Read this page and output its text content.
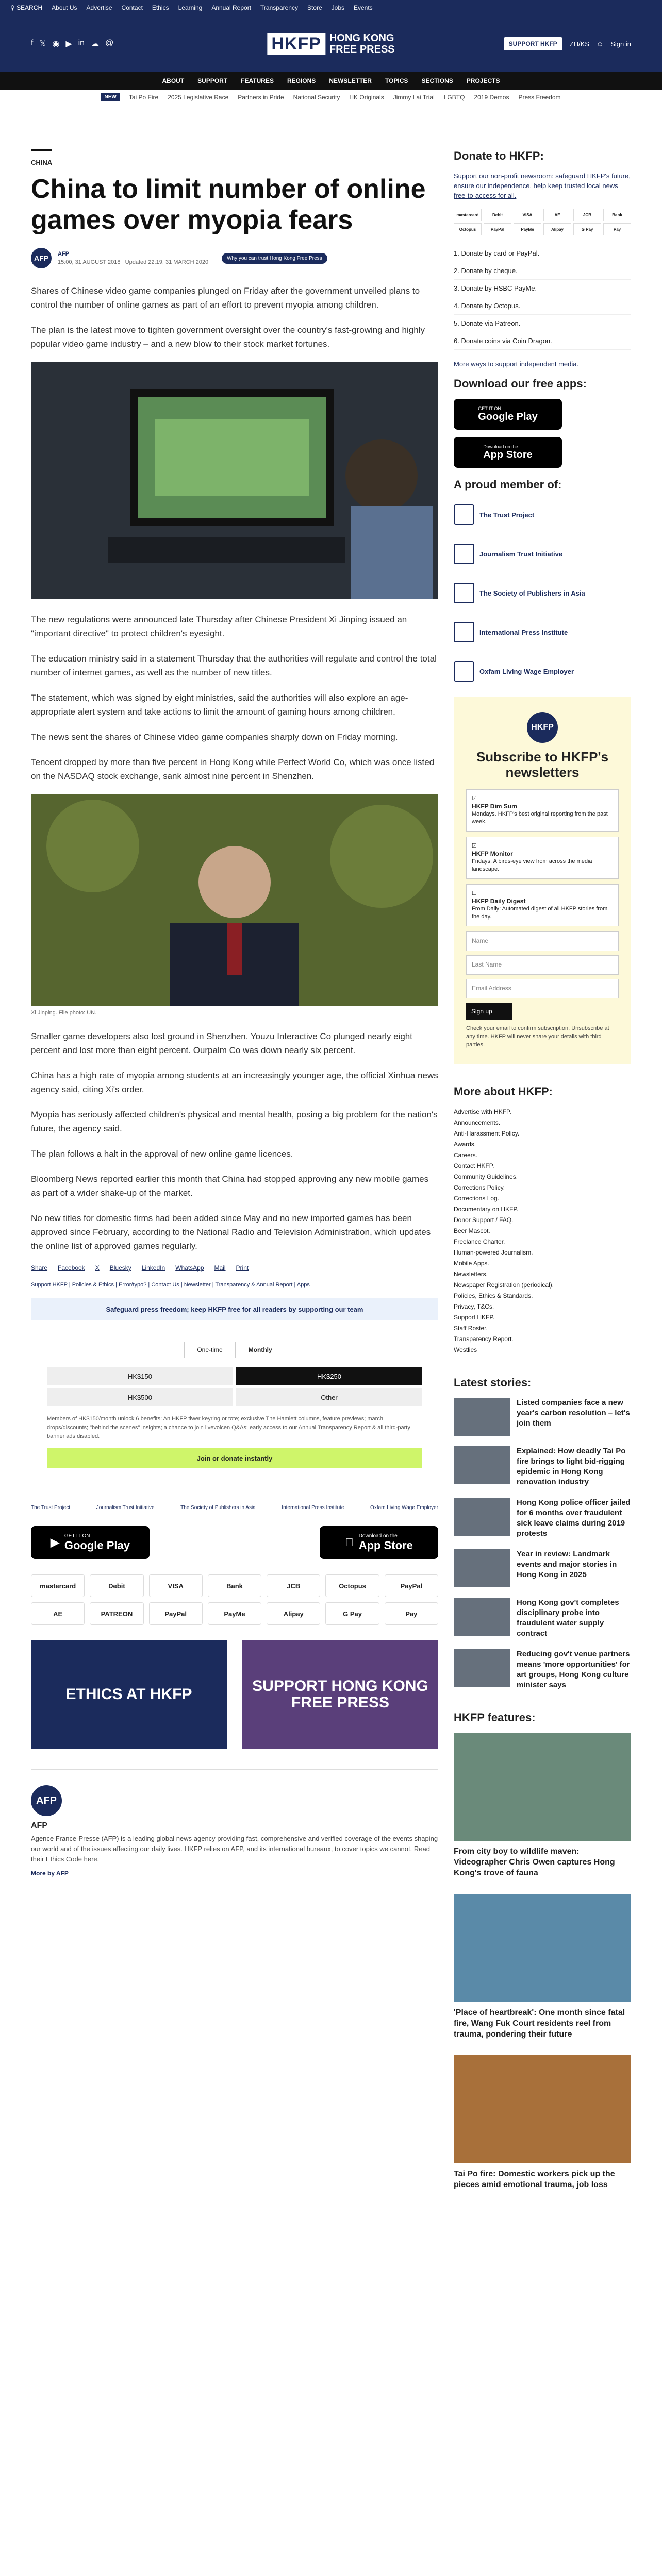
⚲ SEARCH About Us Advertise Contact Ethics Learning Annual Report Transparency Store Jobs Events
f 𝕏 ◉ ▶ in ☁ @	HKFP HONG KONG
FREE PRESS	SUPPORT HKFP	ZH/KS ☺ Sign in
ABOUT SUPPORT FEATURES REGIONS NEWSLETTER TOPICS SECTIONS PROJECTS
NEW	Tai Po Fire 2025 Legislative Race Partners in Pride National Security HK Originals Jimmy Lai Trial LGBTQ 2019 Demos Press Freedom
CHINA
China to limit number of online games over myopia fears
AFP	AFP
15:00, 31 AUGUST 2018 Updated 22:19, 31 MARCH 2020
Why you can trust Hong Kong Free Press

Shares of Chinese video game companies plunged on Friday after the government unveiled plans to control the number of online games as part of an effort to prevent myopia among children.

The plan is the latest move to tighten government oversight over the country's fast-growing and highly popular video game industry – and a new blow to their stock market fortunes.

The new regulations were announced late Thursday after Chinese President Xi Jinping issued an "important directive" to protect children's eyesight.

The education ministry said in a statement Thursday that the authorities will regulate and control the total number of internet games, as well as the number of new titles.

The statement, which was signed by eight ministries, said the authorities will also explore an age-appropriate alert system and take actions to limit the amount of gaming hours among children.

The news sent the shares of Chinese video game companies sharply down on Friday morning.

Tencent dropped by more than five percent in Hong Kong while Perfect World Co, which was once listed on the NASDAQ stock exchange, sank almost nine percent in Shenzhen.

Xi Jinping. File photo: UN.

Smaller game developers also lost ground in Shenzhen. Youzu Interactive Co plunged nearly eight percent and lost more than eight percent. Ourpalm Co was down nearly six percent.

China has a high rate of myopia among students at an increasingly younger age, the official Xinhua news agency said, citing Xi's order.

Myopia has seriously affected children's physical and mental health, posing a big problem for the nation's future, the agency said.

The plan follows a halt in the approval of new online game licences.

Bloomberg News reported earlier this month that China had stopped approving any new mobile games as part of a wider shake-up of the market.

No new titles for domestic firms had been added since May and no new imported games has been approved since February, according to the National Radio and Television Administration, which updates the online list of approved games regularly.

Share Facebook X Bluesky LinkedIn WhatsApp Mail Print
Support HKFP | Policies & Ethics | Error/typo? | Contact Us | Newsletter | Transparency & Annual Report | Apps
Safeguard press freedom; keep HKFP free for all readers by supporting our team
One-time	Monthly
HK$150	HK$250
HK$500	Other
Members of HK$150/month unlock 6 benefits: An HKFP tiwer keyring or tote; exclusive The Hamlett columns, feature previews; march drops/discounts; "behind the scenes" insights; a chance to join livevoicen Q&As; early access to our Annual Transparency Report & all third-party banner ads disabled.
Join or donate instantly
The Trust Project	Journalism Trust Initiative	The Society of Publishers in Asia	International Press Institute	Oxfam Living Wage Employer
▶ GET IT ON
Google Play
Download on the
App Store
mastercard	Debit	VISA	Bank	JCB	Octopus	PayPal
AE	PATREON	PayPal	PayMe	Alipay	G Pay	Pay
ETHICS AT HKFP	SUPPORT HONG KONG FREE PRESS
AFP
AFP

Agence France-Presse (AFP) is a leading global news agency providing fast, comprehensive and verified coverage of the events shaping our world and of the issues affecting our daily lives. HKFP relies on AFP, and its international bureaux, to cover topics we cannot. Read their Ethics Code here.

More by AFP
Donate to HKFP:
Support our non-profit newsroom: safeguard HKFP's future, ensure our independence, help keep trusted local news free-to-access for all.
mastercard	Debit	VISA	AE	JCB	Bank
Octopus	PayPal	PayMe	Alipay	G Pay	Pay
1. Donate by card or PayPal.
2. Donate by cheque.
3. Donate by HSBC PayMe.
4. Donate by Octopus.
5. Donate via Patreon.
6. Donate coins via Coin Dragon.
More ways to support independent media.
Download our free apps:
GET IT ON
Google Play
Download on the
App Store
A proud member of:
The Trust Project
Journalism Trust Initiative
The Society of Publishers in Asia
International Press Institute
Oxfam Living Wage Employer
HKFP
Subscribe to HKFP's newsletters
☑
HKFP Dim Sum
Mondays. HKFP's best original reporting from the past week.
☑
HKFP Monitor
Fridays: A birds-eye view from across the media landscape.
☐
HKFP Daily Digest
From Daily: Automated digest of all HKFP stories from the day.
Name
Last Name
Email Address
Sign up
Check your email to confirm subscription. Unsubscribe at any time. HKFP will never share your details with third parties.
More about HKFP:
Advertise with HKFP.
Announcements.
Anti-Harassment Policy.
Awards.
Careers.
Contact HKFP.
Community Guidelines.
Corrections Policy.
Corrections Log.
Documentary on HKFP.
Donor Support / FAQ.
Beer Mascot.
Freelance Charter.
Human-powered Journalism.
Mobile Apps.
Newsletters.
Newspaper Registration (periodical).
Policies, Ethics & Standards.
Privacy, T&Cs.
Support HKFP.
Staff Roster.
Transparency Report.
Westlies
Latest stories:
Listed companies face a new year's carbon resolution – let's join them
Explained: How deadly Tai Po fire brings to light bid-rigging epidemic in Hong Kong renovation industry
Hong Kong police officer jailed for 6 months over fraudulent sick leave claims during 2019 protests
Year in review: Landmark events and major stories in Hong Kong in 2025
Hong Kong gov't completes disciplinary probe into fraudulent water supply contract
Reducing gov't venue partners means 'more opportunities' for art groups, Hong Kong culture minister says
HKFP features:
From city boy to wildlife maven: Videographer Chris Owen captures Hong Kong's trove of fauna
'Place of heartbreak': One month since fatal fire, Wang Fuk Court residents reel from trauma, pondering their future
Tai Po fire: Domestic workers pick up the pieces amid emotional trauma, job loss
